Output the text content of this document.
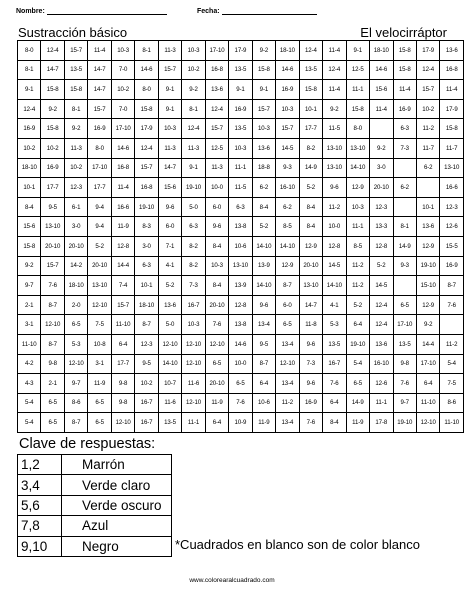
Nombre:	Fecha:
Sustracción básico	El velocirráptor
8-0	12-4	15-7	11-4	10-3	8-1	11-3	10-3	17-10	17-9	9-2	18-10	12-4	11-4	9-1	18-10	15-8	17-9	13-6
8-1	14-7	13-5	14-7	7-0	14-6	15-7	10-2	16-8	13-5	15-8	14-6	13-5	12-4	12-5	14-6	15-8	12-4	16-8
9-1	15-8	15-8	14-7	10-2	8-0	9-1	9-2	13-6	9-1	9-1	16-9	15-8	11-4	11-1	15-6	11-4	15-7	11-4
12-4	9-2	8-1	15-7	7-0	15-8	9-1	8-1	12-4	16-9	15-7	10-3	10-1	9-2	15-8	11-4	16-9	10-2	17-9
16-9	15-8	9-2	16-9	17-10	17-9	10-3	12-4	15-7	13-5	10-3	15-7	17-7	11-5	8-0		6-3	11-2	15-8
10-2	10-2	11-3	8-0	14-6	12-4	11-3	11-3	12-5	10-3	13-6	14-5	8-2	13-10	13-10	9-2	7-3	11-7	11-7
18-10	16-9	10-2	17-10	16-8	15-7	14-7	9-1	11-3	11-1	18-8	9-3	14-9	13-10	14-10	3-0		6-2	13-10
10-1	17-7	12-3	17-7	11-4	16-8	15-6	19-10	10-0	11-5	6-2	16-10	5-2	9-6	12-9	20-10	6-2		16-6
8-4	9-5	6-1	9-4	16-6	19-10	9-6	5-0	6-0	6-3	8-4	6-2	8-4	11-2	10-3	12-3		10-1	12-3
15-6	13-10	3-0	9-4	11-9	8-3	6-0	6-3	9-6	13-8	5-2	8-5	8-4	10-0	11-1	13-3	8-1	13-6	12-6
15-8	20-10	20-10	5-2	12-8	3-0	7-1	8-2	8-4	10-6	14-10	14-10	12-9	12-8	8-5	12-8	14-9	12-9	15-5
9-2	15-7	14-2	20-10	14-4	6-3	4-1	8-2	10-3	13-10	13-9	12-9	20-10	14-5	11-2	5-2	9-3	19-10	16-9
9-7	7-6	18-10	13-10	7-4	10-1	5-2	7-3	8-4	13-9	14-10	8-7	13-10	14-10	11-2	14-5		15-10	8-7
2-1	8-7	2-0	12-10	15-7	18-10	13-6	16-7	20-10	12-8	9-6	6-0	14-7	4-1	5-2	12-4	6-5	12-9	7-6
3-1	12-10	6-5	7-5	11-10	8-7	5-0	10-3	7-6	13-8	13-4	6-5	11-8	5-3	6-4	12-4	17-10	9-2	
11-10	8-7	5-3	10-8	6-4	12-3	12-10	12-10	12-10	14-6	9-5	13-4	9-6	13-5	19-10	13-6	13-5	14-4	11-2
4-2	9-8	12-10	3-1	17-7	9-5	14-10	12-10	6-5	10-0	8-7	12-10	7-3	16-7	5-4	16-10	9-8	17-10	5-4
4-3	2-1	9-7	11-9	9-8	10-2	10-7	11-6	20-10	6-5	6-4	13-4	9-6	7-6	6-5	12-6	7-6	6-4	7-5
5-4	6-5	8-6	6-5	9-8	16-7	11-6	12-10	11-9	7-6	10-6	11-2	16-9	6-4	14-9	11-1	9-7	11-10	8-6
5-4	6-5	8-7	6-5	12-10	16-7	13-5	11-1	6-4	10-9	11-9	13-4	7-6	8-4	11-9	17-8	19-10	12-10	11-10
Clave de respuestas:
1,2	Marrón
3,4	Verde claro
5,6	Verde oscuro
7,8	Azul
9,10	Negro	*Cuadrados en blanco son de color blanco
www.colorearalcuadrado.com
